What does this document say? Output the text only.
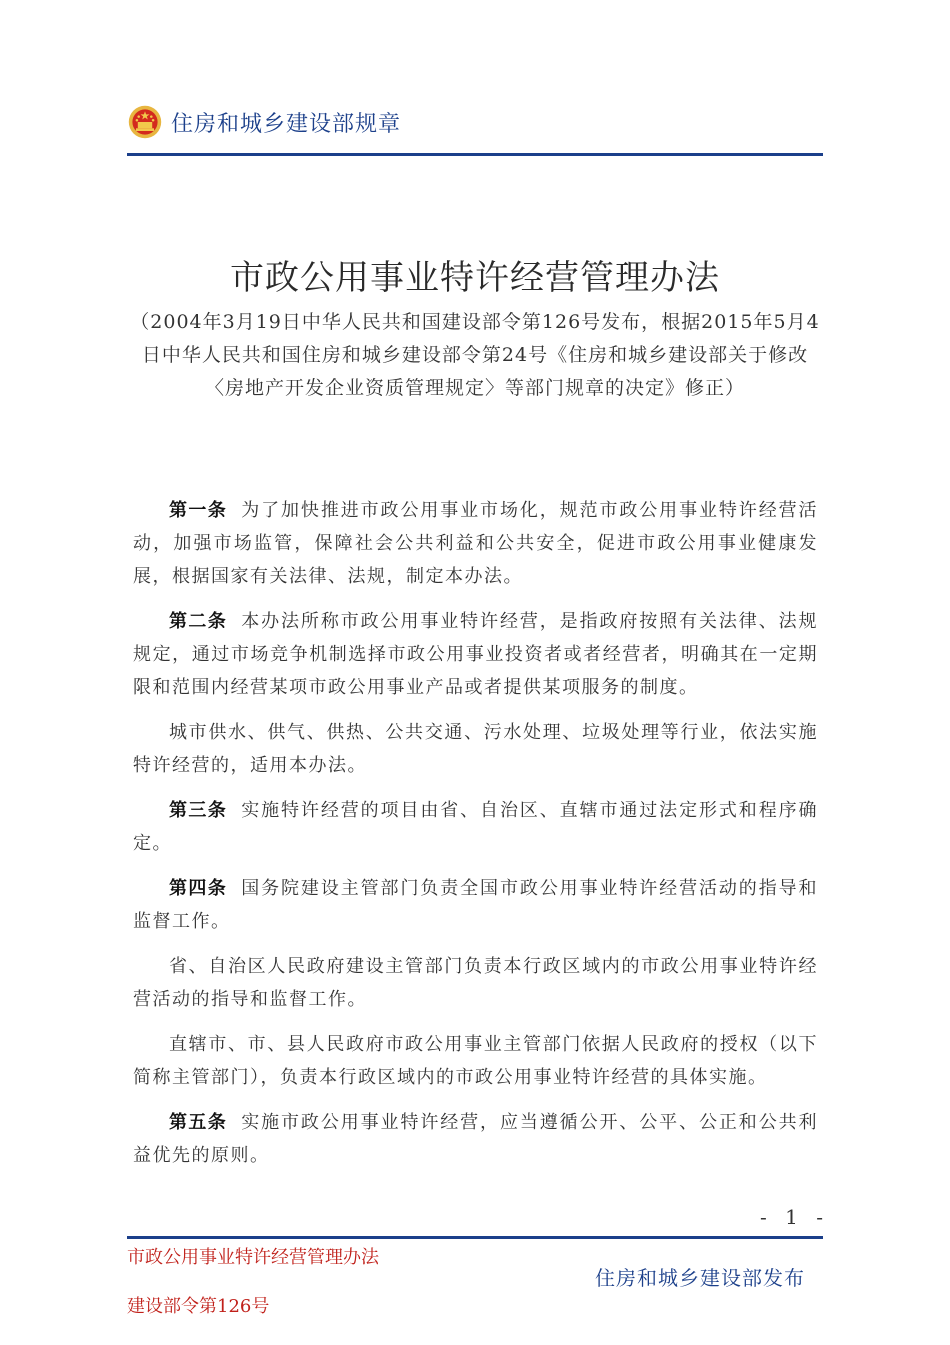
住房和城乡建设部规章
市政公用事业特许经营管理办法
（2004年3月19日中华人民共和国建设部令第126号发布，根据2015年5月4日中华人民共和国住房和城乡建设部令第24号《住房和城乡建设部关于修改〈房地产开发企业资质管理规定〉等部门规章的决定》修正）

第一条 为了加快推进市政公用事业市场化，规范市政公用事业特许经营活动，加强市场监管，保障社会公共利益和公共安全，促进市政公用事业健康发展，根据国家有关法律、法规，制定本办法。

第二条 本办法所称市政公用事业特许经营，是指政府按照有关法律、法规规定，通过市场竞争机制选择市政公用事业投资者或者经营者，明确其在一定期限和范围内经营某项市政公用事业产品或者提供某项服务的制度。

城市供水、供气、供热、公共交通、污水处理、垃圾处理等行业，依法实施特许经营的，适用本办法。

第三条 实施特许经营的项目由省、自治区、直辖市通过法定形式和程序确定。

第四条 国务院建设主管部门负责全国市政公用事业特许经营活动的指导和监督工作。

省、自治区人民政府建设主管部门负责本行政区域内的市政公用事业特许经营活动的指导和监督工作。

直辖市、市、县人民政府市政公用事业主管部门依据人民政府的授权（以下简称主管部门），负责本行政区域内的市政公用事业特许经营的具体实施。

第五条 实施市政公用事业特许经营，应当遵循公开、公平、公正和公共利益优先的原则。

- 1 -
市政公用事业特许经营管理办法
建设部令第126号
住房和城乡建设部发布
